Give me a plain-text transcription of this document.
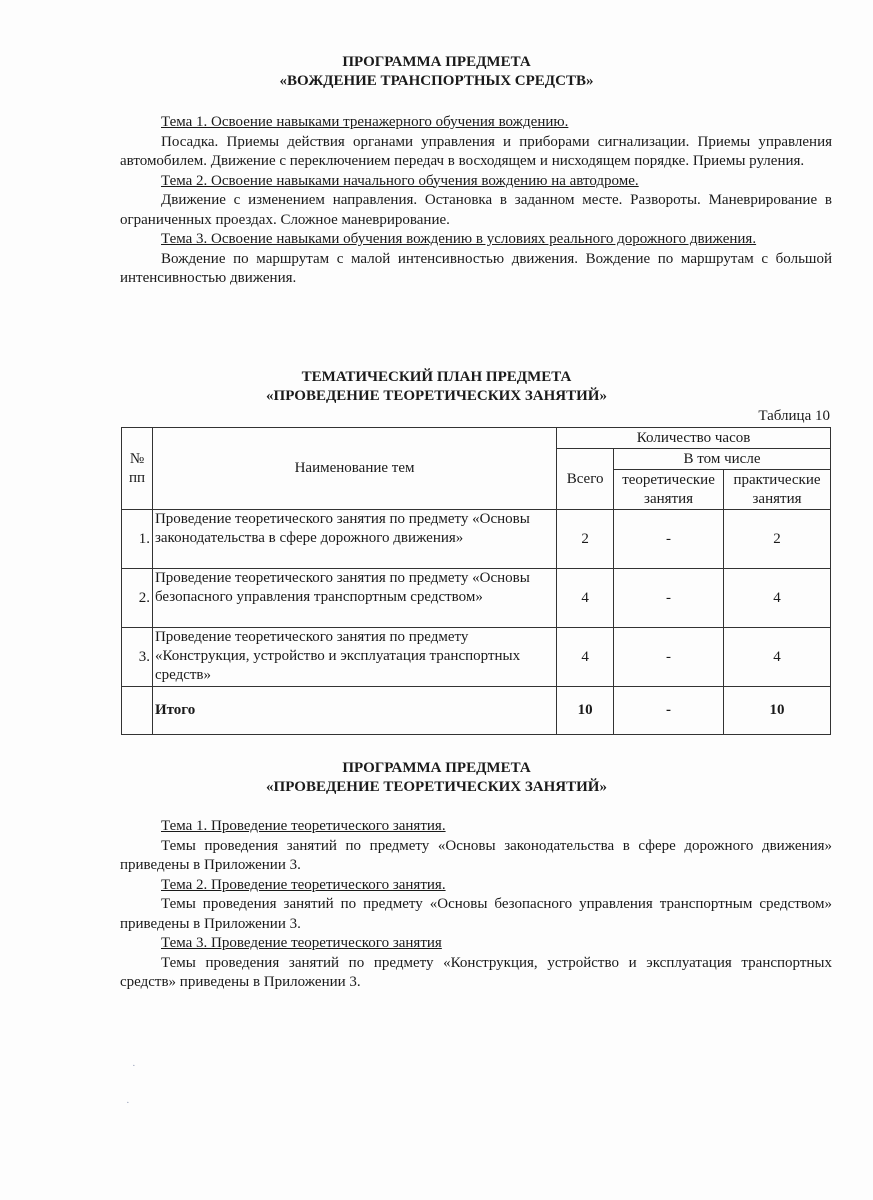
ПРОГРАММА ПРЕДМЕТА
«ВОЖДЕНИЕ ТРАНСПОРТНЫХ СРЕДСТВ»
Тема 1. Освоение навыками тренажерного обучения вождению.
Посадка. Приемы действия органами управления и приборами сигнализации. Приемы управления автомобилем. Движение с переключением передач в восходящем и нисходящем порядке. Приемы руления.
Тема 2. Освоение навыками начального обучения вождению на автодроме.
Движение с изменением направления. Остановка в заданном месте. Развороты. Маневрирование в ограниченных проездах. Сложное маневрирование.
Тема 3. Освоение навыками обучения вождению в условиях реального дорожного движения.
Вождение по маршрутам с малой интенсивностью движения. Вождение по маршрутам с большой интенсивностью движения.
ТЕМАТИЧЕСКИЙ ПЛАН ПРЕДМЕТА
«ПРОВЕДЕНИЕ ТЕОРЕТИЧЕСКИХ ЗАНЯТИЙ»
Таблица 10
№ пп	Наименование тем	Количество часов		
		Всего	В том числе	
			теоретические занятия	практические занятия
1.	Проведение теоретического занятия по предмету «Основы законодательства в сфере дорожного движения»	2	-	2
2.	Проведение теоретического занятия по предмету «Основы безопасного управления транспортным средством»	4	-	4
3.	Проведение теоретического занятия по предмету «Конструкция, устройство и эксплуатация транспортных средств»	4	-	4
	Итого	10	-	10
ПРОГРАММА ПРЕДМЕТА
«ПРОВЕДЕНИЕ ТЕОРЕТИЧЕСКИХ ЗАНЯТИЙ»
Тема 1. Проведение теоретического занятия.
Темы проведения занятий по предмету «Основы законодательства в сфере дорожного движения» приведены в Приложении 3.
Тема 2. Проведение теоретического занятия.
Темы проведения занятий по предмету «Основы безопасного управления транспортным средством» приведены в Приложении 3.
Тема 3. Проведение теоретического занятия
Темы проведения занятий по предмету «Конструкция, устройство и эксплуатация транспортных средств» приведены в Приложении 3.
·
·
